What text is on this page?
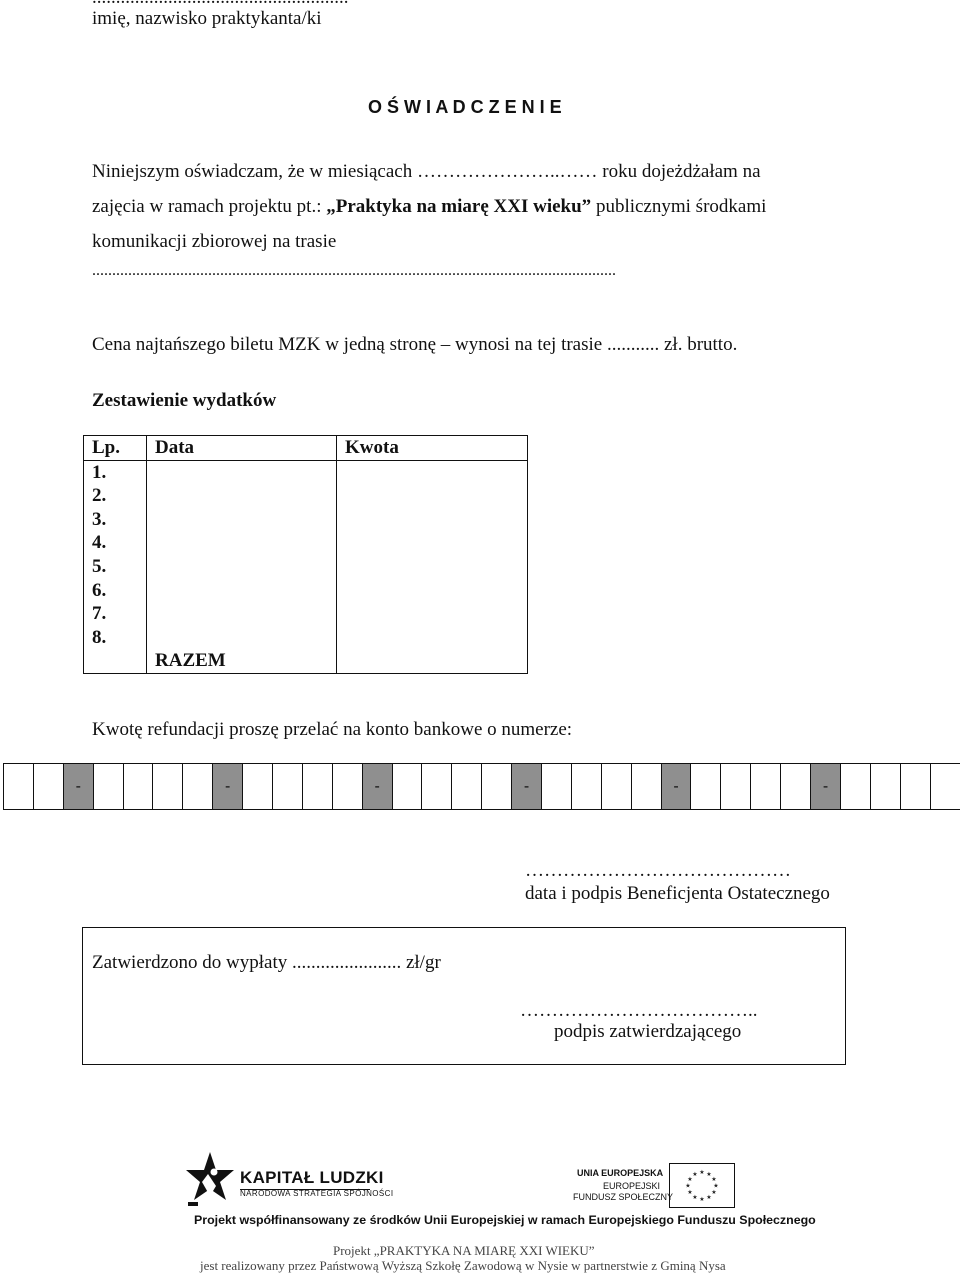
imię, nazwisko praktykanta/ki
O Ś W I A D C Z E N I E
Niniejszym oświadczam, że w miesiącach …………………..…… roku dojeżdżałam na
zajęcia w ramach projektu pt.: „Praktyka na miarę XXI wieku” publicznymi środkami
komunikacji zbiorowej na trasie
...................................................................................................................................
Cena najtańszego biletu MZK w jedną stronę – wynosi na tej trasie ........... zł. brutto.
Zestawienie wydatków
Lp.	Data	Kwota
1.		
2.		
3.		
4.		
5.		
6.		
7.		
8.		
	RAZEM	
Kwotę refundacji proszę przelać na konto bankowe o numerze:
-	-	-	-	-	-
……………………………………
data i podpis Beneficjenta Ostatecznego
Zatwierdzono do wypłaty ....................... zł/gr
………………………………..
podpis zatwierdzającego
KAPITAŁ LUDZKI
NARODOWA STRATEGIA SPÓJNOŚCI
UNIA EUROPEJSKA
EUROPEJSKI
FUNDUSZ SPOŁECZNY
★ ★
★
★
★
★
★
★
★
★
★
★
Projekt współfinansowany ze środków Unii Europejskiej w ramach Europejskiego Funduszu Społecznego
Projekt „PRAKTYKA NA MIARĘ XXI WIEKU”
jest realizowany przez Państwową Wyższą Szkołę Zawodową w Nysie w partnerstwie z Gminą Nysa
